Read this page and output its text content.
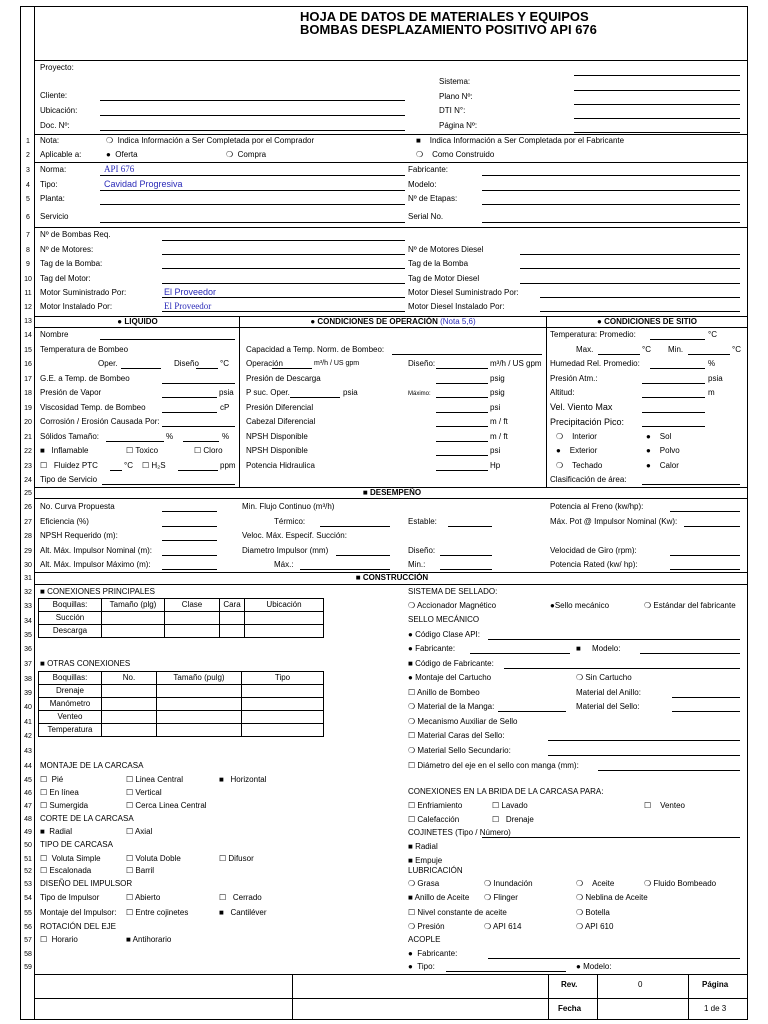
HOJA DE DATOS DE MATERIALES Y EQUIPOS
BOMBAS DESPLAZAMIENTO POSITIVO API 676
Proyecto:
Cliente:
Ubicación:
Doc. Nº:
Sistema:
Plano Nº:
DTI N°:
Página Nº:
1
2
3
4
5
6
7
8
9
10
11
12
13
14
15
16
17
18
19
20
21
22
23
24
25
26
27
28
29
30
31
32
33
34
35
36
37
38
39
40
41
42
43
44
45
46
47
48
49
50
51
52
53
54
55
56
57
58
59
Nota:	❍ Indica Información a Ser Completada por el Comprador	■ Indica Información a Ser Completada por el Fabricante
Aplicable a:	● Oferta	❍ Compra	❍ Como Construido
Norma:	API 676	Fabricante:
Tipo:	Cavidad Progresiva	Modelo:
Planta:	Nº de Etapas:
Servicio	Serial No.
Nº de Bombas Req.
Nº de Motores:	Nº de Motores Diesel
Tag de la Bomba:	Tag de la Bomba
Tag del Motor:	Tag de Motor Diesel
Motor Suministrado Por:	El Proveedor	Motor Diesel Suministrado Por:
Motor Instalado Por:	El Proveedor	Motor Diesel Instalado Por:
● LIQUIDO	● CONDICIONES DE OPERACIÓN (Nota 5,6)	● CONDICIONES DE SITIO
Nombre
Temperatura de Bombeo
Oper.	Diseño	°C
G.E. a Temp. de Bombeo
Presión de Vapor	psia
Viscosidad Temp. de Bombeo	cP
Corrosión / Erosión Causada Por:
Sólidos Tamaño:	%	%
■ Inflamable	☐ Toxico	☐ Cloro
☐ Fluidez PTC	°C ☐ H₂S	ppm
Tipo de Servicio
Capacidad a Temp. Norm. de Bombeo:
Operación	m³/h / US gpm	Diseño:	m³/h / US gpm
Presión de Descarga	psig
P suc. Oper.	psia	Máximo:	psig
Presión Diferencial	psi
Cabezal Diferencial	m / ft
NPSH Disponible	m / ft
NPSH Disponible	psi
Potencia Hidraulica	Hp
Temperatura: Promedio:	°C
Max.	°C Min.	°C
Humedad Rel. Promedio:	%
Presión Atm.:	psia
Altitud:	m
Vel. Viento Max
Precipitación Pico:
❍ Interior	● Sol
● Exterior	● Polvo
❍ Techado	● Calor
Clasificación de área:
■ DESEMPEÑO
No. Curva Propuesta	Min. Flujo Continuo (m³/h)	Potencia al Freno (kw/hp):
Eficiencia (%)	Térmico:	Estable:	Máx. Pot @ Impulsor Nominal (Kw):
NPSH Requerido (m):	Veloc. Máx. Especif. Succión:
Alt. Máx. Impulsor Nominal (m):	Diametro Impulsor (mm)	Diseño:	Velocidad de Giro (rpm):
Alt. Máx. Impulsor Máximo (m):	Máx.:	Min.:	Potencia Rated (kw/ hp):
■ CONSTRUCCIÓN
■ CONEXIONES PRINCIPALES
Boquillas:	Tamaño (plg)	Clase	Cara	Ubicación
Succión				
Descarga				
■ OTRAS CONEXIONES
Boquillas:	No.	Tamaño (pulg)	Tipo
Drenaje			
Manómetro			
Venteo			
Temperatura			
MONTAJE DE LA CARCASA
☐ Pié	☐ Linea Central	■ Horizontal
☐ En línea	☐ Vertical
☐ Sumergida	☐ Cerca Linea Central
CORTE DE LA CARCASA
■ Radial	☐ Axial
TIPO DE CARCASA
☐ Voluta Simple	☐ Voluta Doble	☐ Difusor
☐ Escalonada	☐ Barril
DISEÑO DEL IMPULSOR
Tipo de Impulsor	☐ Abierto	☐ Cerrado
Montaje del Impulsor: ☐ Entre cojinetes	■ Cantiléver
ROTACIÓN DEL EJE
☐ Horario	■ Antihorario
SISTEMA DE SELLADO:
❍ Accionador Magnético	●Sello mecánico	❍ Estándar del fabricante
SELLO MECÁNICO
● Código Clase API:
● Fabricante:	■ Modelo:
■ Código de Fabricante:
● Montaje del Cartucho	❍ Sin Cartucho
☐ Anillo de Bombeo	Material del Anillo:
❍ Material de la Manga:	Material del Sello:
❍ Mecanismo Auxiliar de Sello
☐ Material Caras del Sello:
❍ Material Sello Secundario:
☐ Diámetro del eje en el sello con manga (mm):
CONEXIONES EN LA BRIDA DE LA CARCASA PARA:
☐ Enfriamiento	☐ Lavado	☐ Venteo
☐ Calefacción	☐ Drenaje
COJINETES (Tipo / Número)
■ Radial
■ Empuje
LUBRICACIÓN
❍ Grasa	❍ Inundación	❍ Aceite	❍ Fluido Bombeado
■ Anillo de Aceite ❍ Flinger	❍ Neblina de Aceite
☐ Nivel constante de aceite	❍ Botella
❍ Presión	❍ API 614	❍ API 610
ACOPLE
● Fabricante:
● Tipo:	● Modelo:
Rev.	0	Página
Fecha	1 de 3
